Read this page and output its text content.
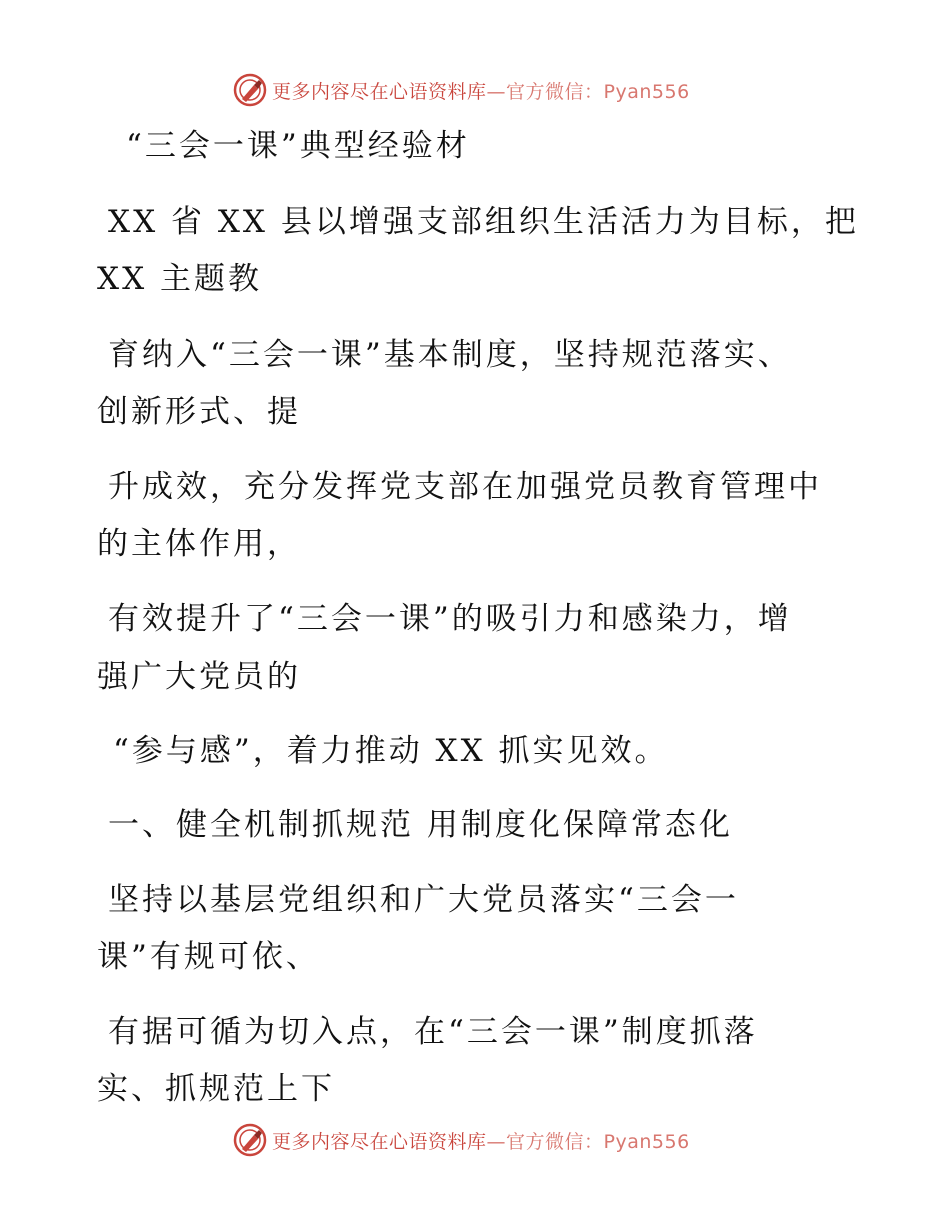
更多内容尽在心语资料库—官方微信：Pyan556
“三会一课”典型经验材
XX 省 XX 县以增强支部组织生活活力为目标，把
XX 主题教
育纳入“三会一课”基本制度，坚持规范落实、
创新形式、提
升成效，充分发挥党支部在加强党员教育管理中
的主体作用，
有效提升了“三会一课”的吸引力和感染力，增
强广大党员的
“参与感”，着力推动 XX 抓实见效。
一、健全机制抓规范 用制度化保障常态化
坚持以基层党组织和广大党员落实“三会一
课”有规可依、
有据可循为切入点，在“三会一课”制度抓落
实、抓规范上下
更多内容尽在心语资料库—官方微信：Pyan556
